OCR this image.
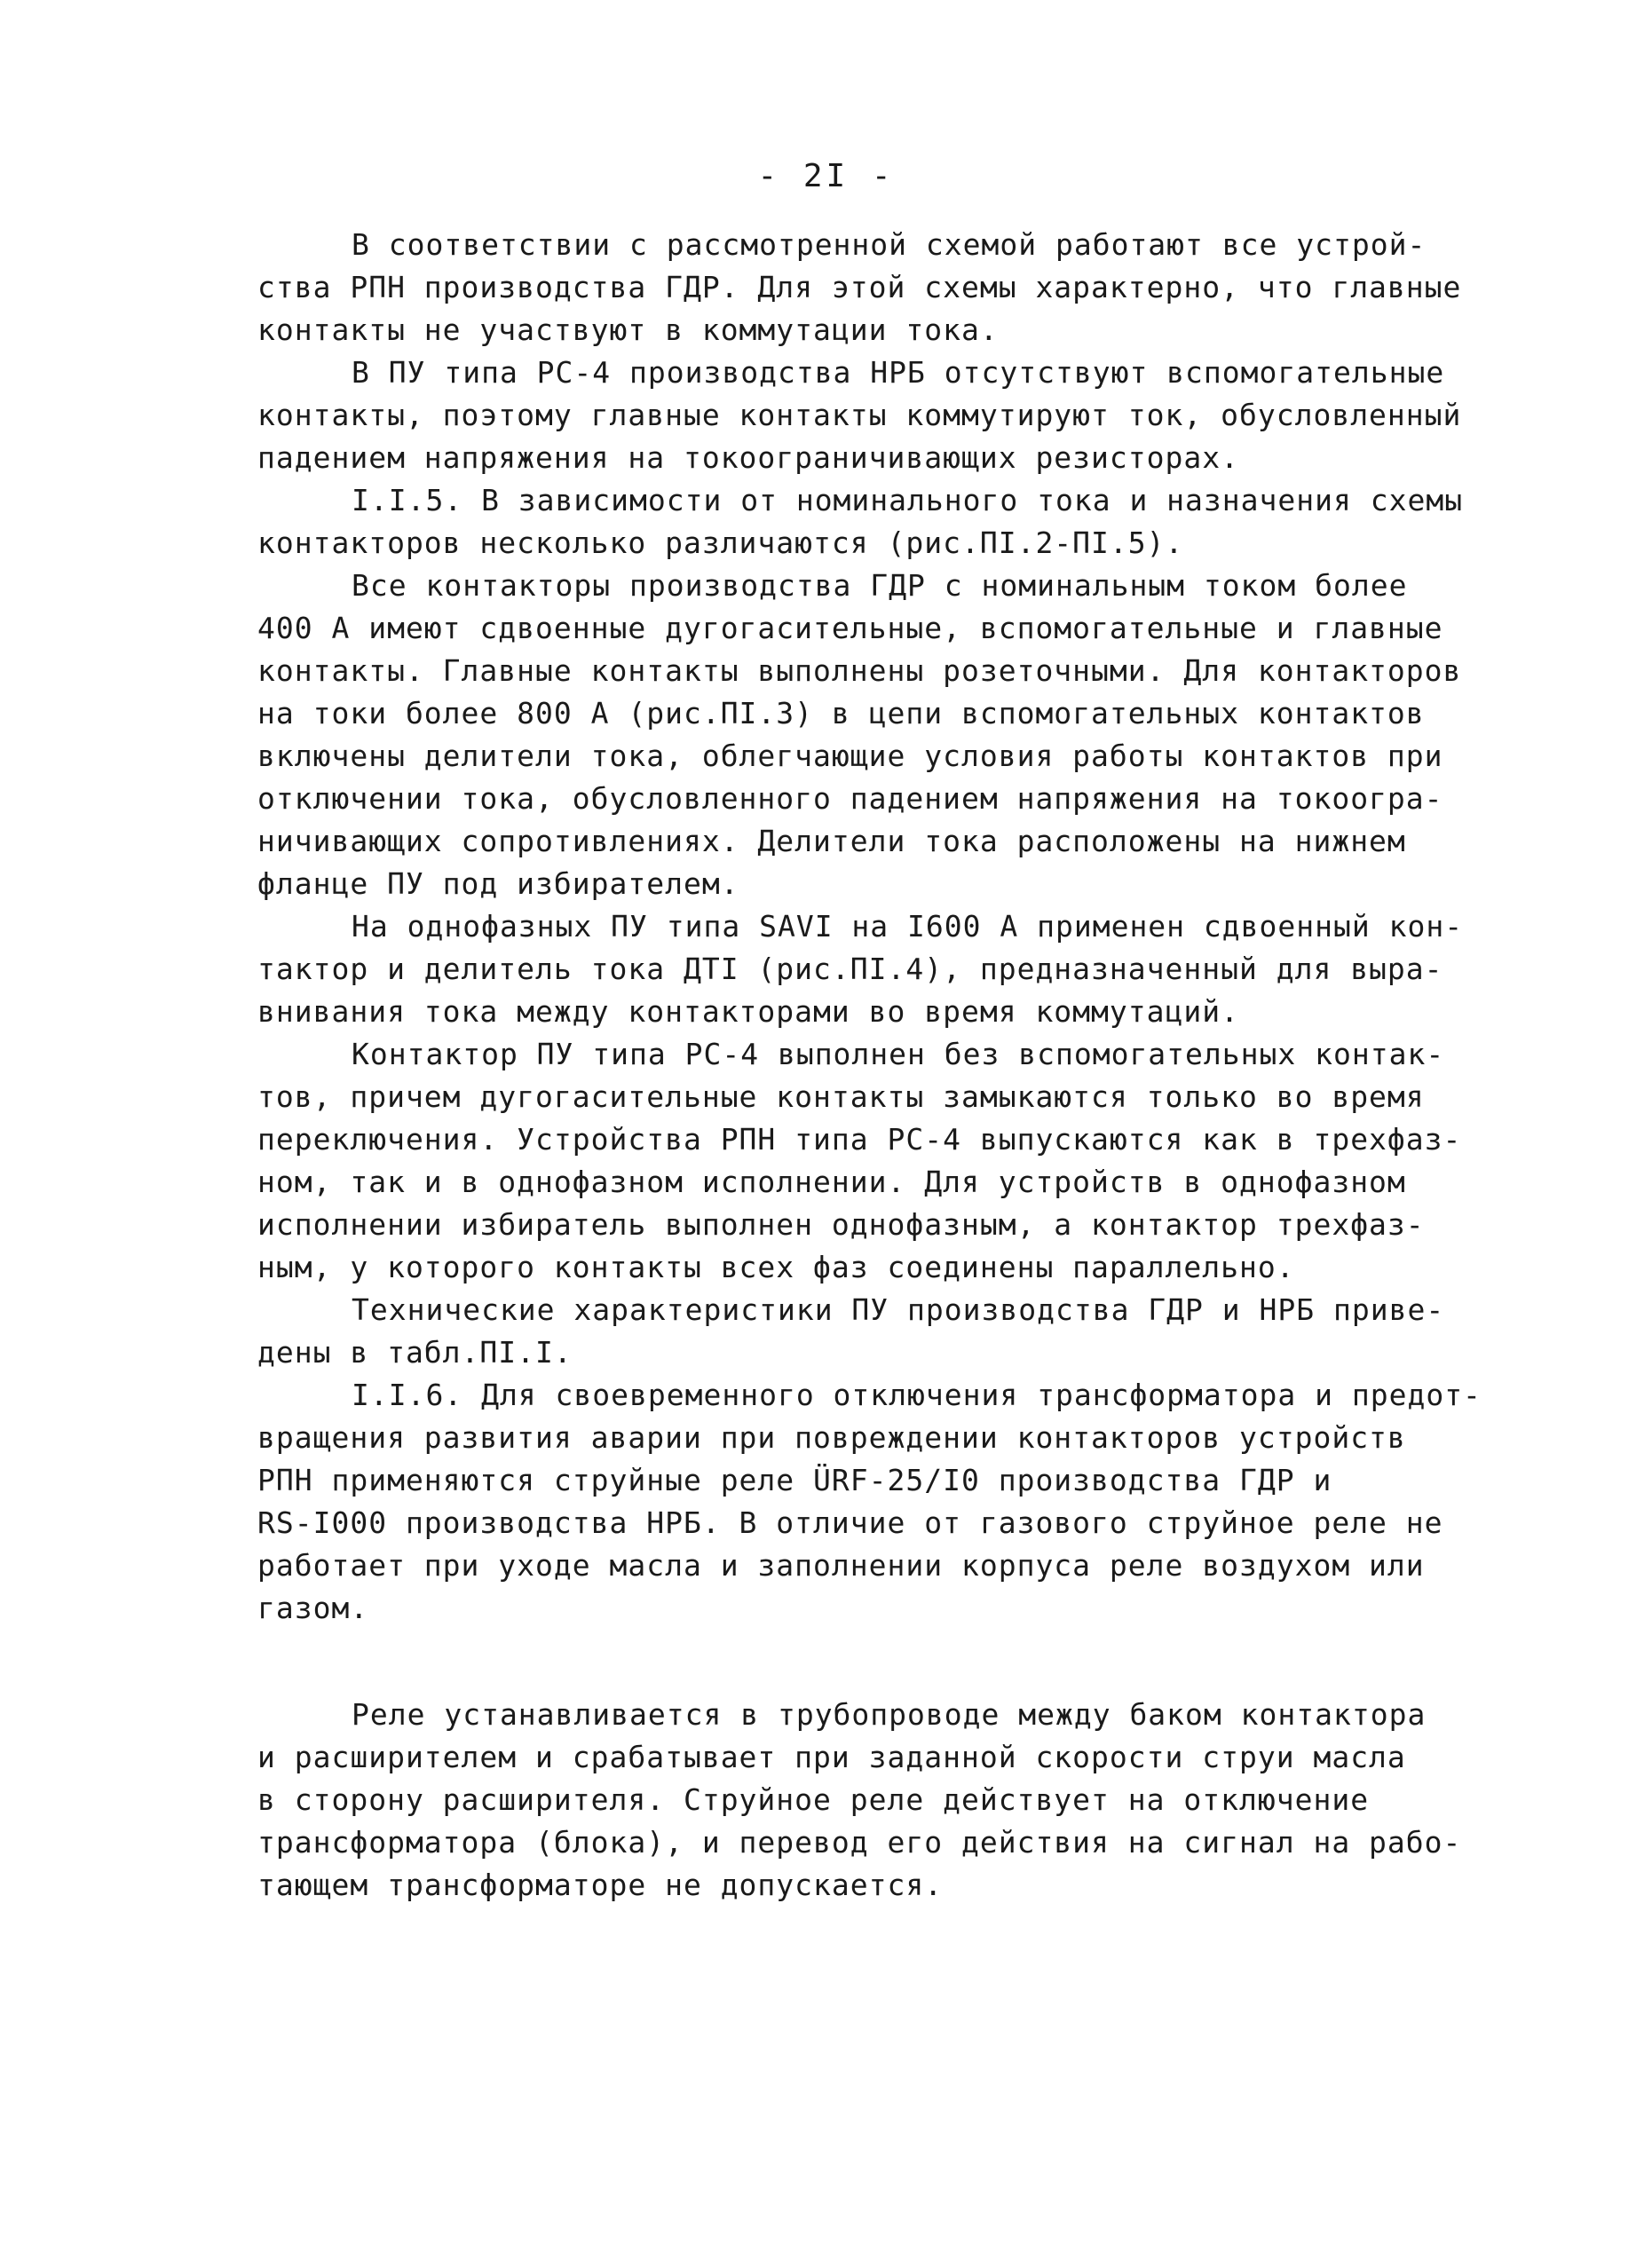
- 2I -
В соответствии с рассмотренной схемой работают все устрой-
ства РПН производства ГДР. Для этой схемы характерно, что главные
контакты не участвуют в коммутации тока.
В ПУ типа РС-4 производства НРБ отсутствуют вспомогательные
контакты, поэтому главные контакты коммутируют ток, обусловленный
падением напряжения на токоограничивающих резисторах.
I.I.5. В зависимости от номинального тока и назначения схемы
контакторов несколько различаются (рис.ПI.2-ПI.5).
Все контакторы производства ГДР с номинальным током более
400 А имеют сдвоенные дугогасительные, вспомогательные и главные
контакты. Главные контакты выполнены розеточными. Для контакторов
на токи более 800 А (рис.ПI.3) в цепи вспомогательных контактов
включены делители тока, облегчающие условия работы контактов при
отключении тока, обусловленного падением напряжения на токоогра-
ничивающих сопротивлениях. Делители тока расположены на нижнем
фланце ПУ под избирателем.
На однофазных ПУ типа SAVI на I600 А применен сдвоенный кон-
тактор и делитель тока ДТI (рис.ПI.4), предназначенный для выра-
внивания тока между контакторами во время коммутаций.
Контактор ПУ типа РС-4 выполнен без вспомогательных контак-
тов, причем дугогасительные контакты замыкаются только во время
переключения. Устройства РПН типа РС-4 выпускаются как в трехфаз-
ном, так и в однофазном исполнении. Для устройств в однофазном
исполнении избиратель выполнен однофазным, а контактор трехфаз-
ным, у которого контакты всех фаз соединены параллельно.
Технические характеристики ПУ производства ГДР и НРБ приве-
дены в табл.ПI.I.
I.I.6. Для своевременного отключения трансформатора и предот-
вращения развития аварии при повреждении контакторов устройств
РПН применяются струйные реле ÜRF-25/I0 производства ГДР и
RS-I000 производства НРБ. В отличие от газового струйное реле не
работает при уходе масла и заполнении корпуса реле воздухом или
газом.
Реле устанавливается в трубопроводе между баком контактора
и расширителем и срабатывает при заданной скорости струи масла
в сторону расширителя. Струйное реле действует на отключение
трансформатора (блока), и перевод его действия на сигнал на рабо-
тающем трансформаторе не допускается.
